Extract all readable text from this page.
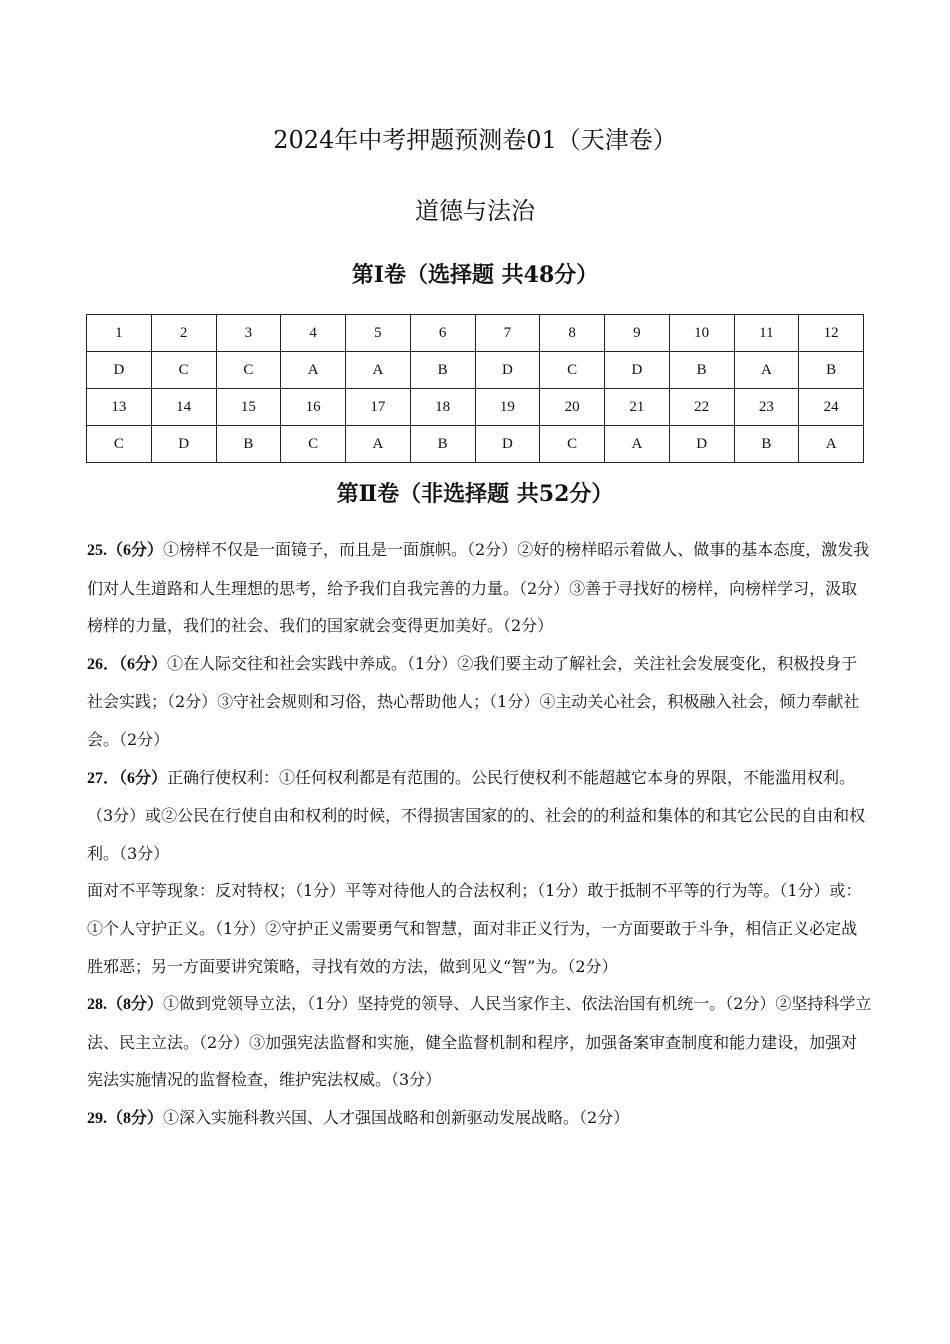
2024年中考押题预测卷01（天津卷）
道德与法治
第Ⅰ卷（选择题 共48分）
1	2	3	4	5	6	7	8	9	10	11	12
D	C	C	A	A	B	D	C	D	B	A	B
13	14	15	16	17	18	19	20	21	22	23	24
C	D	B	C	A	B	D	C	A	D	B	A
第Ⅱ卷（非选择题 共52分）

25.（6分）①榜样不仅是一面镜子，而且是一面旗帜。（2分）②好的榜样昭示着做人、做事的基本态度，激发我们对人生道路和人生理想的思考，给予我们自我完善的力量。（2分）③善于寻找好的榜样，向榜样学习，汲取榜样的力量，我们的社会、我们的国家就会变得更加美好。（2分）

26．（6分）①在人际交往和社会实践中养成。（1分）②我们要主动了解社会，关注社会发展变化，积极投身于社会实践；（2分）③守社会规则和习俗，热心帮助他人；（1分）④主动关心社会，积极融入社会，倾力奉献社会。（2分）

27．（6分）正确行使权利：①任何权利都是有范围的。公民行使权利不能超越它本身的界限，不能滥用权利。（3分）或②公民在行使自由和权利的时候，不得损害国家的的、社会的的利益和集体的和其它公民的自由和权利。（3分）

面对不平等现象：反对特权；（1分）平等对待他人的合法权利；（1分）敢于抵制不平等的行为等。（1分）或：①个人守护正义。（1分）②守护正义需要勇气和智慧，面对非正义行为，一方面要敢于斗争，相信正义必定战胜邪恶；另一方面要讲究策略，寻找有效的方法，做到见义“智”为。（2分）

28.（8分）①做到党领导立法，（1分）坚持党的领导、人民当家作主、依法治国有机统一。（2分）②坚持科学立法、民主立法。（2分）③加强宪法监督和实施，健全监督机制和程序，加强备案审查制度和能力建设，加强对宪法实施情况的监督检查，维护宪法权威。（3分）

29.（8分）①深入实施科教兴国、人才强国战略和创新驱动发展战略。（2分）
